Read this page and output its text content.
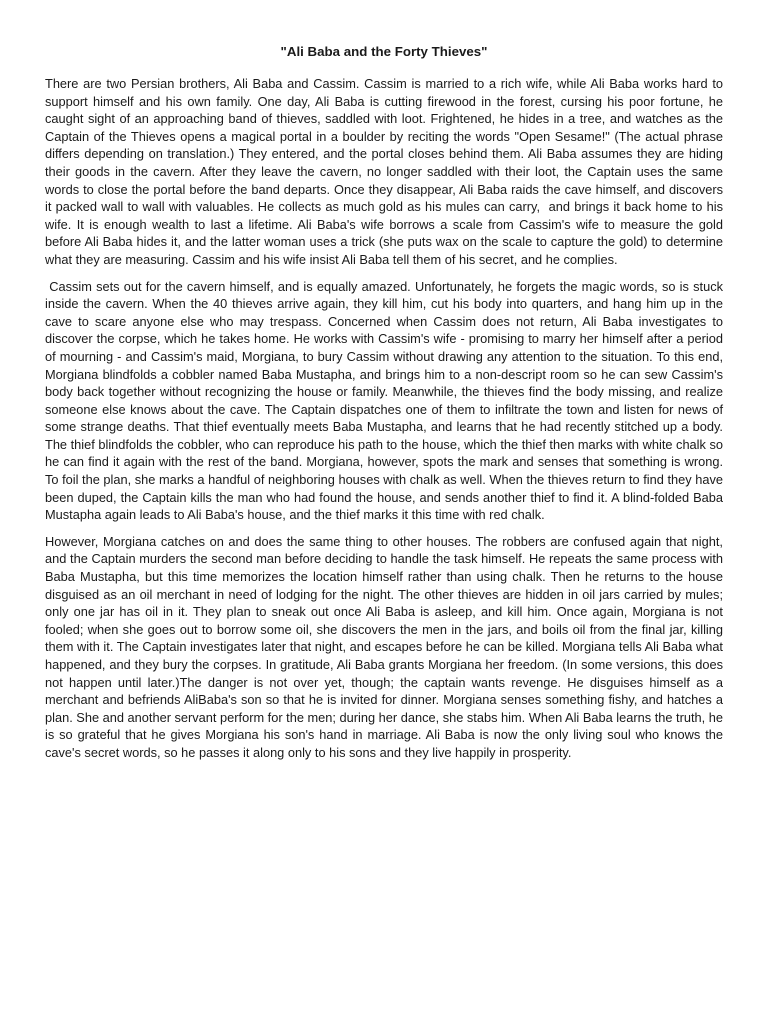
"Ali Baba and the Forty Thieves"

There are two Persian brothers, Ali Baba and Cassim. Cassim is married to a rich wife, while Ali Baba works hard to support himself and his own family. One day, Ali Baba is cutting firewood in the forest, cursing his poor fortune, he caught sight of an approaching band of thieves, saddled with loot. Frightened, he hides in a tree, and watches as the Captain of the Thieves opens a magical portal in a boulder by reciting the words "Open Sesame!" (The actual phrase differs depending on translation.) They entered, and the portal closes behind them. Ali Baba assumes they are hiding their goods in the cavern. After they leave the cavern, no longer saddled with their loot, the Captain uses the same words to close the portal before the band departs. Once they disappear, Ali Baba raids the cave himself, and discovers it packed wall to wall with valuables. He collects as much gold as his mules can carry,  and brings it back home to his wife. It is enough wealth to last a lifetime. Ali Baba's wife borrows a scale from Cassim's wife to measure the gold before Ali Baba hides it, and the latter woman uses a trick (she puts wax on the scale to capture the gold) to determine what they are measuring. Cassim and his wife insist Ali Baba tell them of his secret, and he complies.

Cassim sets out for the cavern himself, and is equally amazed. Unfortunately, he forgets the magic words, so is stuck inside the cavern. When the 40 thieves arrive again, they kill him, cut his body into quarters, and hang him up in the cave to scare anyone else who may trespass. Concerned when Cassim does not return, Ali Baba investigates to discover the corpse, which he takes home. He works with Cassim's wife - promising to marry her himself after a period of mourning - and Cassim's maid, Morgiana, to bury Cassim without drawing any attention to the situation. To this end, Morgiana blindfolds a cobbler named Baba Mustapha, and brings him to a non-descript room so he can sew Cassim's body back together without recognizing the house or family. Meanwhile, the thieves find the body missing, and realize someone else knows about the cave. The Captain dispatches one of them to infiltrate the town and listen for news of some strange deaths. That thief eventually meets Baba Mustapha, and learns that he had recently stitched up a body. The thief blindfolds the cobbler, who can reproduce his path to the house, which the thief then marks with white chalk so he can find it again with the rest of the band. Morgiana, however, spots the mark and senses that something is wrong. To foil the plan, she marks a handful of neighboring houses with chalk as well. When the thieves return to find they have been duped, the Captain kills the man who had found the house, and sends another thief to find it. A blind-folded Baba Mustapha again leads to Ali Baba's house, and the thief marks it this time with red chalk.

However, Morgiana catches on and does the same thing to other houses. The robbers are confused again that night, and the Captain murders the second man before deciding to handle the task himself. He repeats the same process with Baba Mustapha, but this time memorizes the location himself rather than using chalk. Then he returns to the house disguised as an oil merchant in need of lodging for the night. The other thieves are hidden in oil jars carried by mules; only one jar has oil in it. They plan to sneak out once Ali Baba is asleep, and kill him. Once again, Morgiana is not fooled; when she goes out to borrow some oil, she discovers the men in the jars, and boils oil from the final jar, killing them with it. The Captain investigates later that night, and escapes before he can be killed. Morgiana tells Ali Baba what happened, and they bury the corpses. In gratitude, Ali Baba grants Morgiana her freedom. (In some versions, this does not happen until later.)The danger is not over yet, though; the captain wants revenge. He disguises himself as a merchant and befriends AliBaba's son so that he is invited for dinner. Morgiana senses something fishy, and hatches a plan. She and another servant perform for the men; during her dance, she stabs him. When Ali Baba learns the truth, he is so grateful that he gives Morgiana his son's hand in marriage. Ali Baba is now the only living soul who knows the cave's secret words, so he passes it along only to his sons and they live happily in prosperity.
